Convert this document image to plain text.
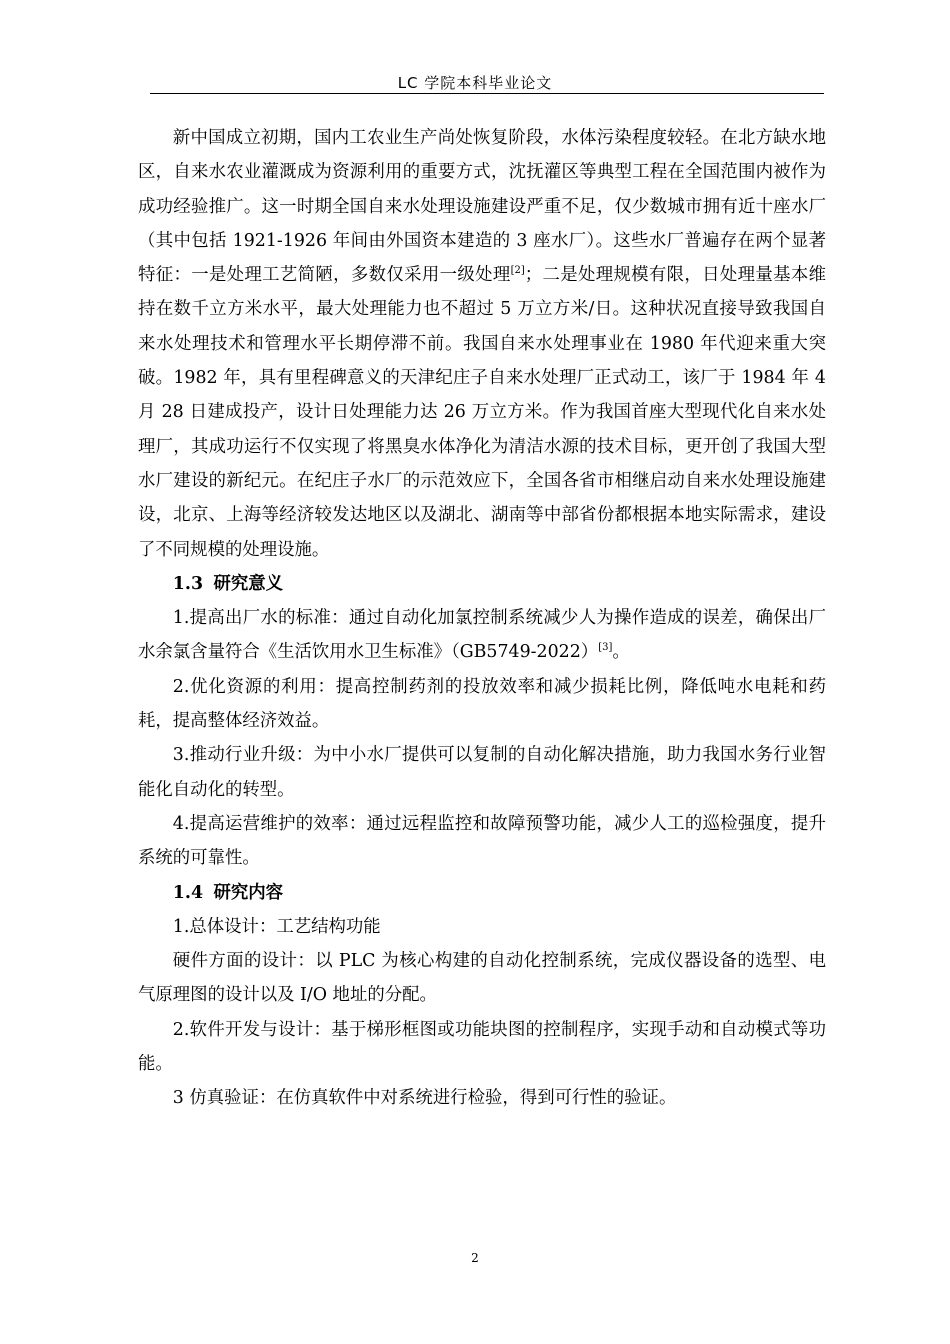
LC 学院本科毕业论文

新中国成立初期，国内工农业生产尚处恢复阶段，水体污染程度较轻。在北方缺水地区，自来水农业灌溉成为资源利用的重要方式，沈抚灌区等典型工程在全国范围内被作为成功经验推广。这一时期全国自来水处理设施建设严重不足，仅少数城市拥有近十座水厂（其中包括 1921-1926 年间由外国资本建造的 3 座水厂）。这些水厂普遍存在两个显著特征：一是处理工艺简陋，多数仅采用一级处理[2]；二是处理规模有限，日处理量基本维持在数千立方米水平，最大处理能力也不超过 5 万立方米/日。这种状况直接导致我国自来水处理技术和管理水平长期停滞不前。我国自来水处理事业在 1980 年代迎来重大突破。1982 年，具有里程碑意义的天津纪庄子自来水处理厂正式动工，该厂于 1984 年 4 月 28 日建成投产，设计日处理能力达 26 万立方米。作为我国首座大型现代化自来水处理厂，其成功运行不仅实现了将黑臭水体净化为清洁水源的技术目标，更开创了我国大型水厂建设的新纪元。在纪庄子水厂的示范效应下，全国各省市相继启动自来水处理设施建设，北京、上海等经济较发达地区以及湖北、湖南等中部省份都根据本地实际需求，建设了不同规模的处理设施。

1.3 研究意义

1.提高出厂水的标准：通过自动化加氯控制系统减少人为操作造成的误差，确保出厂水余氯含量符合《生活饮用水卫生标准》（GB5749-2022）[3]。

2.优化资源的利用：提高控制药剂的投放效率和减少损耗比例，降低吨水电耗和药耗，提高整体经济效益。

3.推动行业升级：为中小水厂提供可以复制的自动化解决措施，助力我国水务行业智能化自动化的转型。

4.提高运营维护的效率：通过远程监控和故障预警功能，减少人工的巡检强度，提升系统的可靠性。

1.4 研究内容

1.总体设计：工艺结构功能

硬件方面的设计：以 PLC 为核心构建的自动化控制系统，完成仪器设备的选型、电气原理图的设计以及 I/O 地址的分配。

2.软件开发与设计：基于梯形框图或功能块图的控制程序，实现手动和自动模式等功能。

3 仿真验证：在仿真软件中对系统进行检验，得到可行性的验证。

2
